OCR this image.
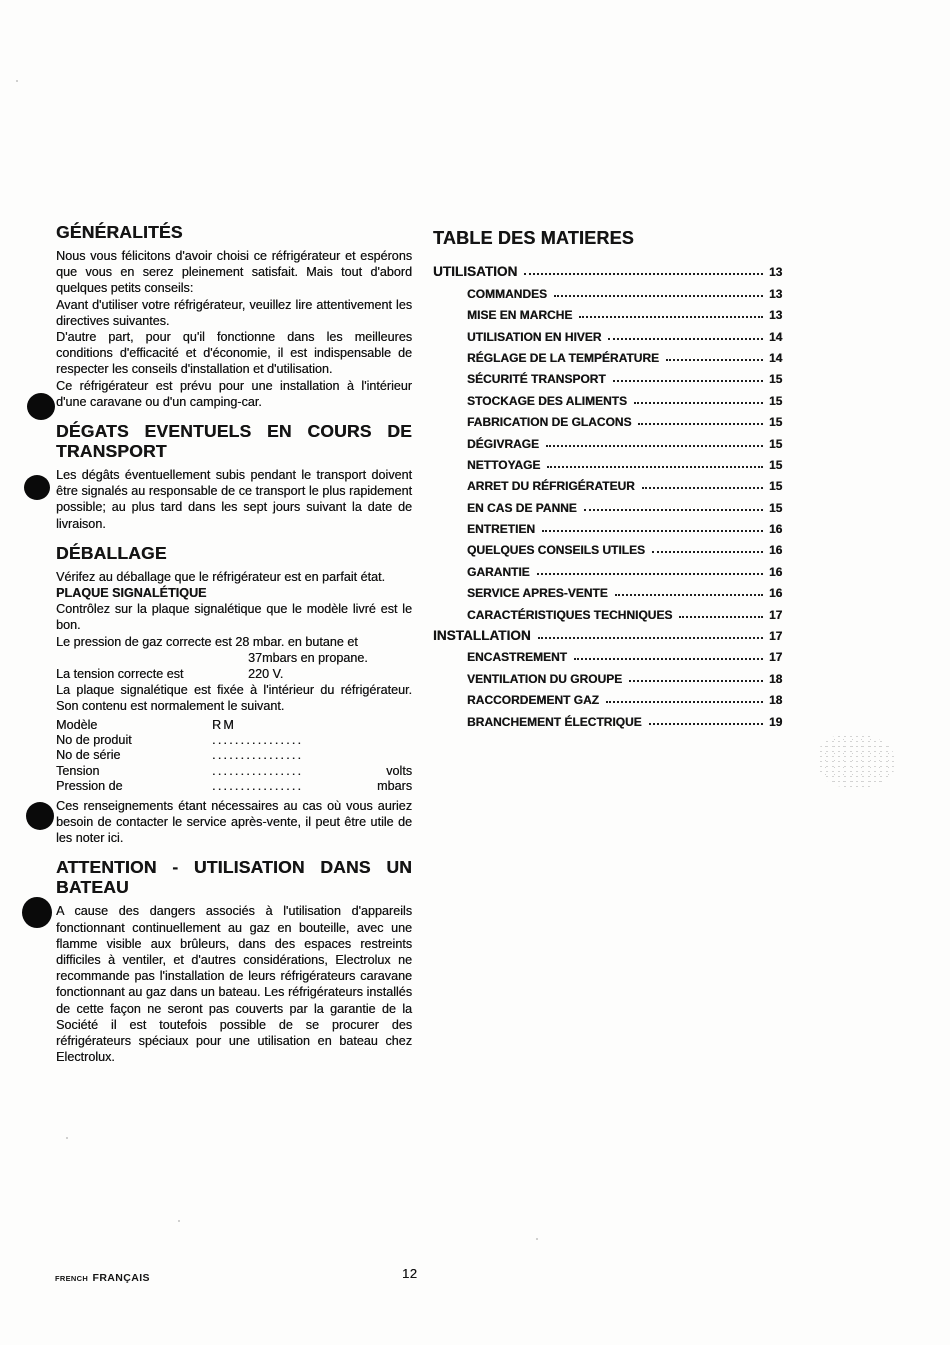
GÉNÉRALITÉS

Nous vous félicitons d'avoir choisi ce réfrigérateur et espérons que vous en serez pleinement satisfait. Mais tout d'abord quelques petits conseils:

Avant d'utiliser votre réfrigérateur, veuillez lire attentivement les directives suivantes.

D'autre part, pour qu'il fonctionne dans les meilleures conditions d'efficacité et d'économie, il est indispensable de respecter les conseils d'installation et d'utilisation.

Ce réfrigérateur est prévu pour une installation à l'intérieur d'une caravane ou d'un camping-car.

DÉGATS EVENTUELS EN COURS DE TRANSPORT

Les dégâts éventuellement subis pendant le transport doivent être signalés au responsable de ce transport le plus rapidement possible; au plus tard dans les sept jours suivant la date de livraison.

DÉBALLAGE

Vérifez au déballage que le réfrigérateur est en parfait état.

PLAQUE SIGNALÉTIQUE

Contrôlez sur la plaque signalétique que le modèle livré est le bon.

Le pression de gaz correcte est 28 mbar. en butane et
37mbars en propane.
La tension correcte est	220 V.

La plaque signalétique est fixée à l'intérieur du réfrigérateur. Son contenu est normalement le suivant.

Modèle	RM
No de produit	................
No de série	................
Tension	................	volts
Pression de	................	mbars

Ces renseignements étant nécessaires au cas où vous auriez besoin de contacter le service après-vente, il peut être utile de les noter ici.

ATTENTION - UTILISATION DANS UN BATEAU

A cause des dangers associés à l'utilisation d'appareils fonctionnant continuellement au gaz en bouteille, avec une flamme visible aux brûleurs, dans des espaces restreints difficiles à ventiler, et d'autres considérations, Electrolux ne recommande pas l'installation de leurs réfrigérateurs caravane fonctionnant au gaz dans un bateau. Les réfrigérateurs installés de cette façon ne seront pas couverts par la garantie de la Société il est toutefois possible de se procurer des réfrigérateurs spéciaux pour une utilisation en bateau chez Electrolux.

TABLE DES MATIERES
UTILISATION	13
COMMANDES	13
MISE EN MARCHE	13
UTILISATION EN HIVER	14
RÉGLAGE DE LA TEMPÉRATURE	14
SÉCURITÉ TRANSPORT	15
STOCKAGE DES ALIMENTS	15
FABRICATION DE GLACONS	15
DÉGIVRAGE	15
NETTOYAGE	15
ARRET DU RÉFRIGÉRATEUR	15
EN CAS DE PANNE	15
ENTRETIEN	16
QUELQUES CONSEILS UTILES	16
GARANTIE	16
SERVICE APRES-VENTE	16
CARACTÉRISTIQUES TECHNIQUES	17
INSTALLATION	17
ENCASTREMENT	17
VENTILATION DU GROUPE	18
RACCORDEMENT GAZ	18
BRANCHEMENT ÉLECTRIQUE	19
FRENCH FRANÇAIS	12
